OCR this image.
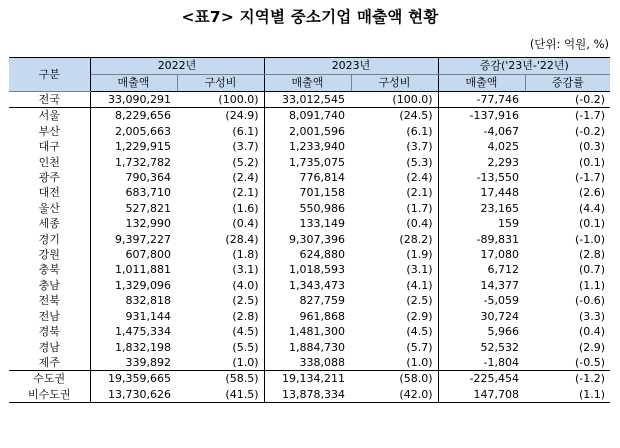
<표7> 지역별 중소기업 매출액 현황
(단위: 억원, %)
구분	2022년		2023년		증감('23년-'22년)	
	매출액	구성비	매출액	구성비	매출액	증감률
전국	33,090,291	(100.0)	33,012,545	(100.0)	-77,746	(-0.2)
서울	8,229,656	(24.9)	8,091,740	(24.5)	-137,916	(-1.7)
부산	2,005,663	(6.1)	2,001,596	(6.1)	-4,067	(-0.2)
대구	1,229,915	(3.7)	1,233,940	(3.7)	4,025	(0.3)
인천	1,732,782	(5.2)	1,735,075	(5.3)	2,293	(0.1)
광주	790,364	(2.4)	776,814	(2.4)	-13,550	(-1.7)
대전	683,710	(2.1)	701,158	(2.1)	17,448	(2.6)
울산	527,821	(1.6)	550,986	(1.7)	23,165	(4.4)
세종	132,990	(0.4)	133,149	(0.4)	159	(0.1)
경기	9,397,227	(28.4)	9,307,396	(28.2)	-89,831	(-1.0)
강원	607,800	(1.8)	624,880	(1.9)	17,080	(2.8)
충북	1,011,881	(3.1)	1,018,593	(3.1)	6,712	(0.7)
충남	1,329,096	(4.0)	1,343,473	(4.1)	14,377	(1.1)
전북	832,818	(2.5)	827,759	(2.5)	-5,059	(-0.6)
전남	931,144	(2.8)	961,868	(2.9)	30,724	(3.3)
경북	1,475,334	(4.5)	1,481,300	(4.5)	5,966	(0.4)
경남	1,832,198	(5.5)	1,884,730	(5.7)	52,532	(2.9)
제주	339,892	(1.0)	338,088	(1.0)	-1,804	(-0.5)
수도권	19,359,665	(58.5)	19,134,211	(58.0)	-225,454	(-1.2)
비수도권	13,730,626	(41.5)	13,878,334	(42.0)	147,708	(1.1)
